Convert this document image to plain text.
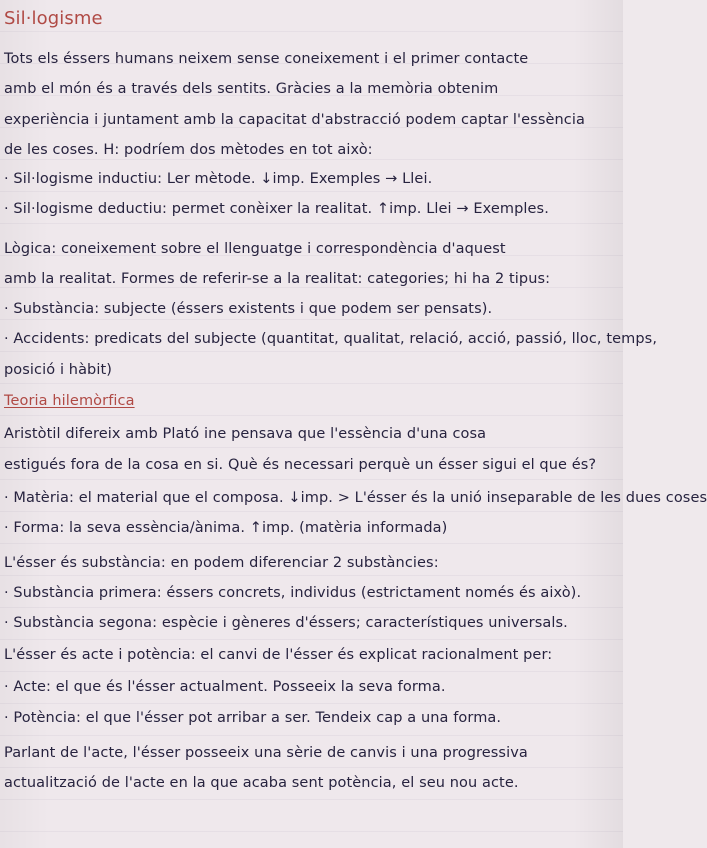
Sil·logisme
Tots els éssers humans neixem sense coneixement i el primer contacte
amb el món és a través dels sentits. Gràcies a la memòria obtenim
experiència i juntament amb la capacitat d'abstracció podem captar l'essència
de les coses. H: podríem dos mètodes en tot això:
· Sil·logisme inductiu: Ler mètode. ↓imp. Exemples → Llei.
· Sil·logisme deductiu: permet conèixer la realitat. ↑imp. Llei → Exemples.
Lògica: coneixement sobre el llenguatge i correspondència d'aquest
amb la realitat. Formes de referir-se a la realitat: categories; hi ha 2 tipus:
· Substància: subjecte (éssers existents i que podem ser pensats).
· Accidents: predicats del subjecte (quantitat, qualitat, relació, acció, passió, lloc, temps,
posició i hàbit)
Teoria hilemòrfica
Aristòtil difereix amb Plató ine pensava que l'essència d'una cosa
estigués fora de la cosa en si. Què és necessari perquè un ésser sigui el que és?
· Matèria: el material que el composa. ↓imp. > L'ésser és la unió inseparable de les dues coses
· Forma: la seva essència/ànima. ↑imp. (matèria informada)
L'ésser és substància: en podem diferenciar 2 substàncies:
· Substància primera: éssers concrets, individus (estrictament només és això).
· Substància segona: espècie i gèneres d'éssers; característiques universals.
L'ésser és acte i potència: el canvi de l'ésser és explicat racionalment per:
· Acte: el que és l'ésser actualment. Posseeix la seva forma.
· Potència: el que l'ésser pot arribar a ser. Tendeix cap a una forma.
Parlant de l'acte, l'ésser posseeix una sèrie de canvis i una progressiva
actualització de l'acte en la que acaba sent potència, el seu nou acte.
